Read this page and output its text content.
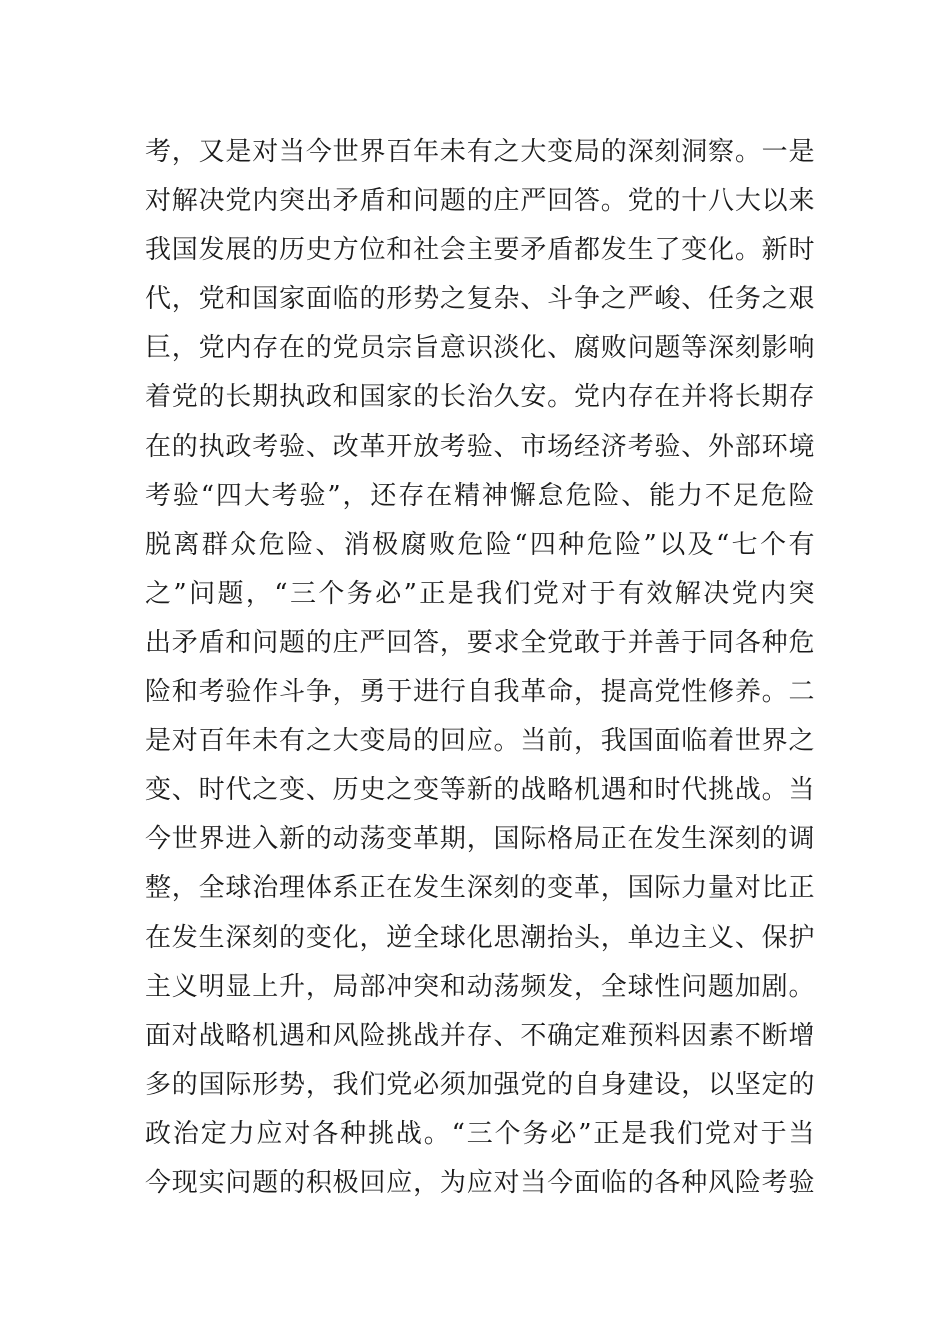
考，又是对当今世界百年未有之大变局的深刻洞察。一是
对解决党内突出矛盾和问题的庄严回答。党的十八大以来
我国发展的历史方位和社会主要矛盾都发生了变化。新时
代，党和国家面临的形势之复杂、斗争之严峻、任务之艰
巨，党内存在的党员宗旨意识淡化、腐败问题等深刻影响
着党的长期执政和国家的长治久安。党内存在并将长期存
在的执政考验、改革开放考验、市场经济考验、外部环境
考验“四大考验”，还存在精神懈怠危险、能力不足危险
脱离群众危险、消极腐败危险“四种危险”以及“七个有
之”问题，“三个务必”正是我们党对于有效解决党内突
出矛盾和问题的庄严回答，要求全党敢于并善于同各种危
险和考验作斗争，勇于进行自我革命，提高党性修养。二
是对百年未有之大变局的回应。当前，我国面临着世界之
变、时代之变、历史之变等新的战略机遇和时代挑战。当
今世界进入新的动荡变革期，国际格局正在发生深刻的调
整，全球治理体系正在发生深刻的变革，国际力量对比正
在发生深刻的变化，逆全球化思潮抬头，单边主义、保护
主义明显上升，局部冲突和动荡频发，全球性问题加剧。
面对战略机遇和风险挑战并存、不确定难预料因素不断增
多的国际形势，我们党必须加强党的自身建设，以坚定的
政治定力应对各种挑战。“三个务必”正是我们党对于当
今现实问题的积极回应，为应对当今面临的各种风险考验
